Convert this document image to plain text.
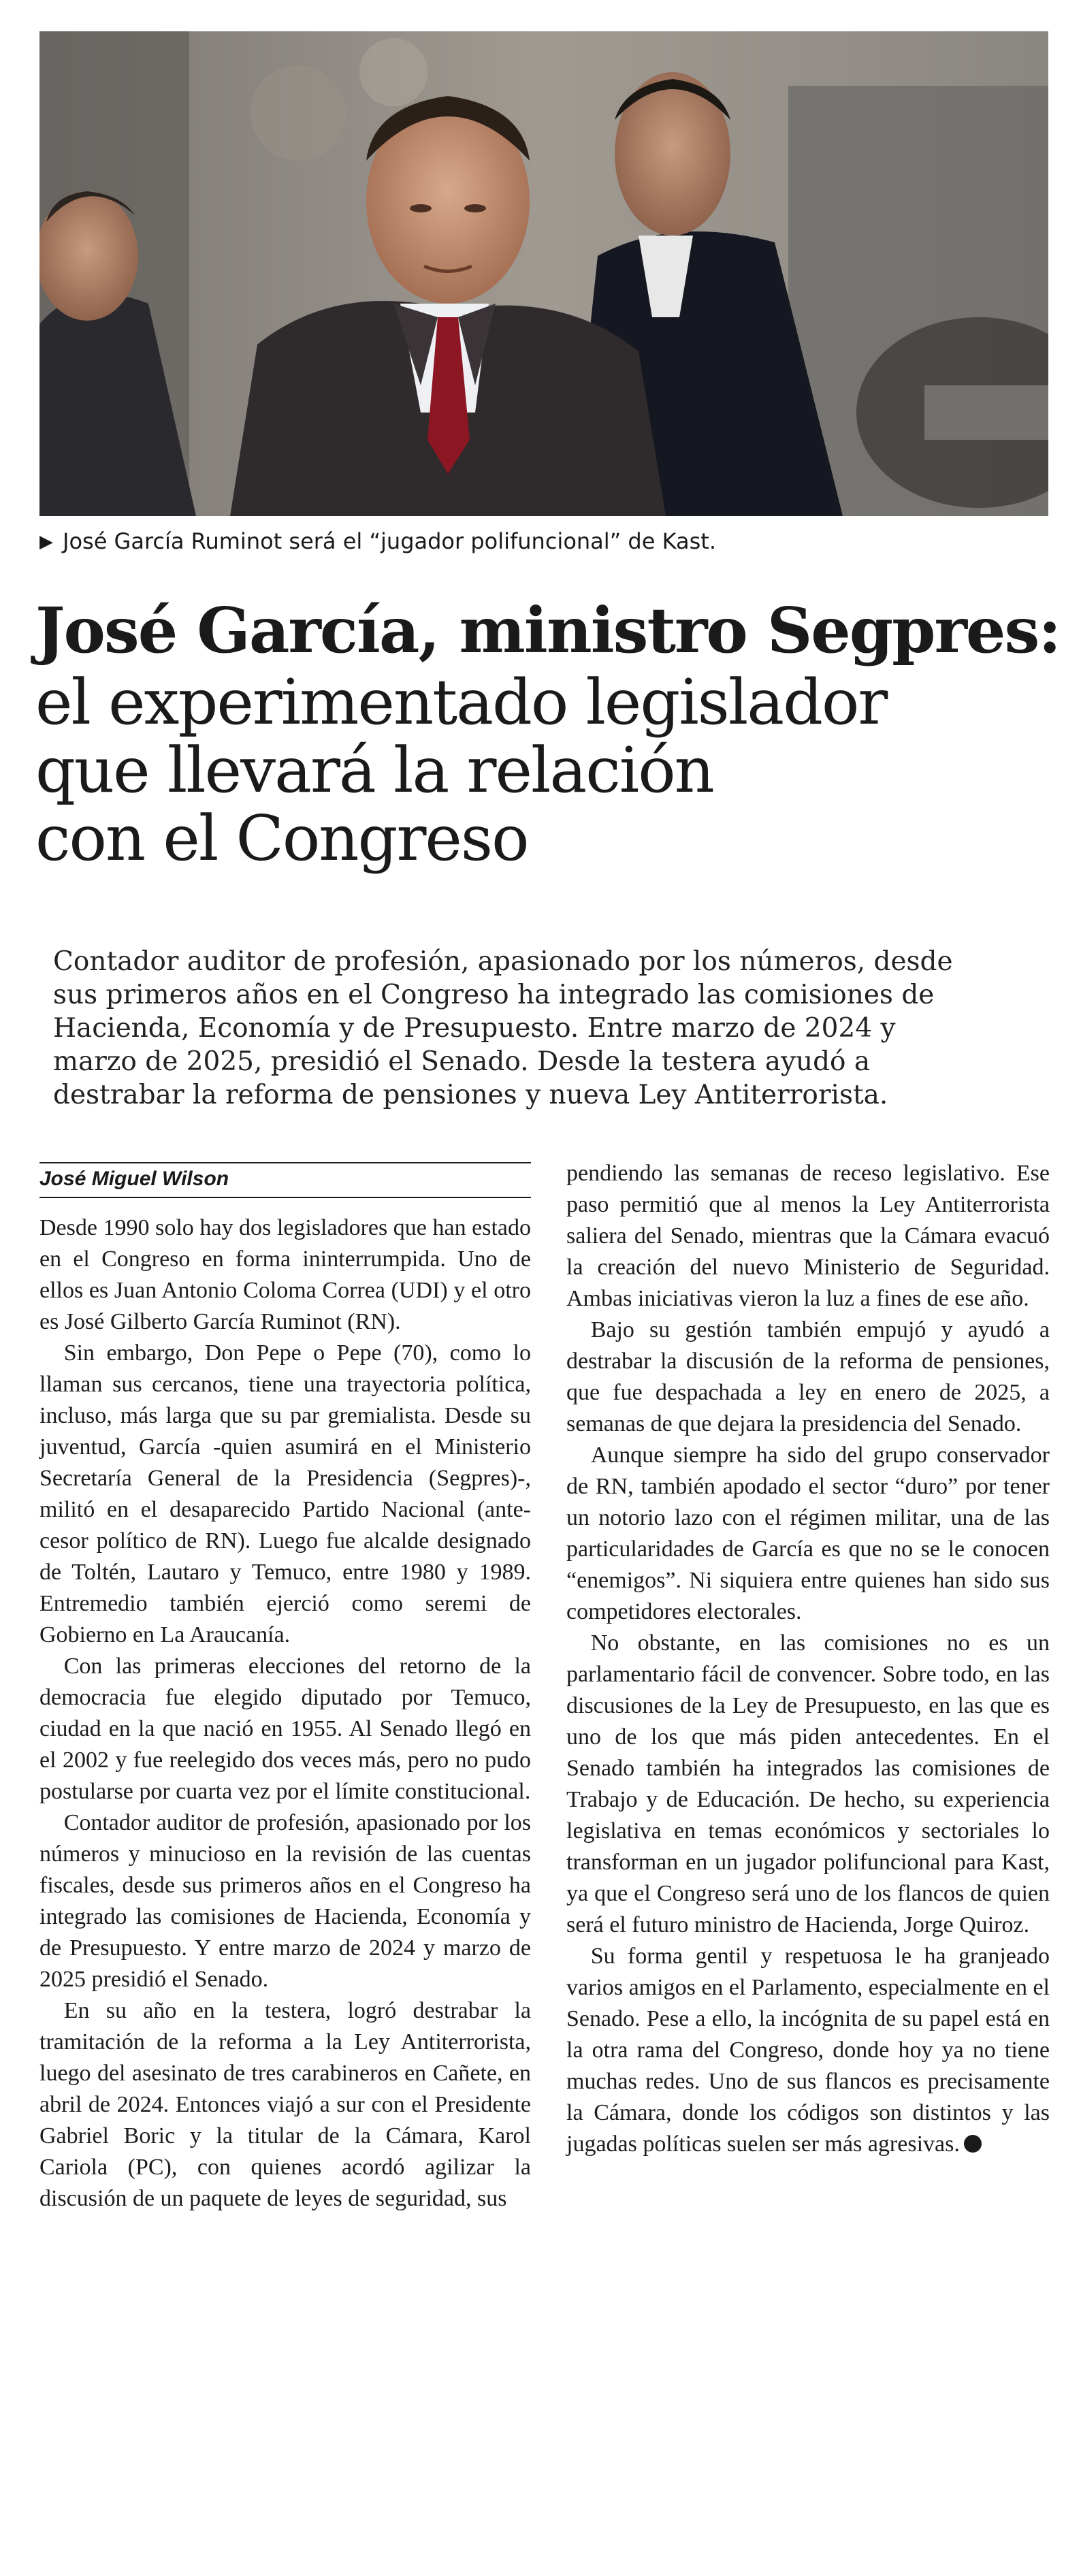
▶ José García Ruminot será el “jugador polifuncional” de Kast.
José García, ministro Segpres:
el experimentado legislador
que llevará la relación
con el Congreso
Contador auditor de profesión, apasionado por los números, desde
sus primeros años en el Congreso ha integrado las comisiones de
Hacienda, Economía y de Presupuesto. Entre marzo de 2024 y
marzo de 2025, presidió el Senado. Desde la testera ayudó a
destrabar la reforma de pensiones y nueva Ley Antiterrorista.
José Miguel Wilson

Desde 1990 solo hay dos legisladores que han estado en el Congreso en forma ininterrumpida. Uno de ellos es Juan Antonio Coloma Correa (UDI) y el otro es José Gilberto García Ruminot (RN).

Sin embargo, Don Pepe o Pepe (70), como lo llaman sus cercanos, tiene una trayectoria política, incluso, más larga que su par gremialista. Desde su juventud, García -quien asumirá en el Ministerio Secretaría General de la Presidencia (Segpres)-, militó en el desaparecido Partido Nacional (antecesor político de RN). Luego fue alcalde designado de Toltén, Lautaro y Temuco, entre 1980 y 1989. Entremedio también ejerció como seremi de Gobierno en La Araucanía.

Con las primeras elecciones del retorno de la democracia fue elegido diputado por Temuco, ciudad en la que nació en 1955. Al Senado llegó en el 2002 y fue reelegido dos veces más, pero no pudo postularse por cuarta vez por el límite constitucional.

Contador auditor de profesión, apasionado por los números y minucioso en la revisión de las cuentas fiscales, desde sus primeros años en el Congreso ha integrado las comisiones de Hacienda, Economía y de Presupuesto. Y entre marzo de 2024 y marzo de 2025 presidió el Senado.

En su año en la testera, logró destrabar la tramitación de la reforma a la Ley Antiterrorista, luego del asesinato de tres carabineros en Cañete, en abril de 2024. Entonces viajó a sur con el Presidente Gabriel Boric y la titular de la Cámara, Karol Cariola (PC), con quienes acordó agilizar la discusión de un paquete de leyes de seguridad, sus

pendiendo las semanas de receso legislativo. Ese paso permitió que al menos la Ley Antiterrorista saliera del Senado, mientras que la Cámara evacuó la creación del nuevo Ministerio de Seguridad. Ambas iniciativas vieron la luz a fines de ese año.

Bajo su gestión también empujó y ayudó a destrabar la discusión de la reforma de pensiones, que fue despachada a ley en enero de 2025, a semanas de que dejara la presidencia del Senado.

Aunque siempre ha sido del grupo conservador de RN, también apodado el sector “duro” por tener un notorio lazo con el régimen militar, una de las particularidades de García es que no se le conocen “enemigos”. Ni siquiera entre quienes han sido sus competidores electorales.

No obstante, en las comisiones no es un parlamentario fácil de convencer. Sobre todo, en las discusiones de la Ley de Presupuesto, en las que es uno de los que más piden antecedentes. En el Senado también ha integrados las comisiones de Trabajo y de Educación. De hecho, su experiencia legislativa en temas económicos y sectoriales lo transforman en un jugador polifuncional para Kast, ya que el Congreso será uno de los flancos de quien será el futuro ministro de Hacienda, Jorge Quiroz.

Su forma gentil y respetuosa le ha granjeado varios amigos en el Parlamento, especialmente en el Senado. Pese a ello, la incógnita de su papel está en la otra rama del Congreso, donde hoy ya no tiene muchas redes. Uno de sus flancos es precisamente la Cámara, donde los códigos son distintos y las jugadas políticas suelen ser más agresivas.
